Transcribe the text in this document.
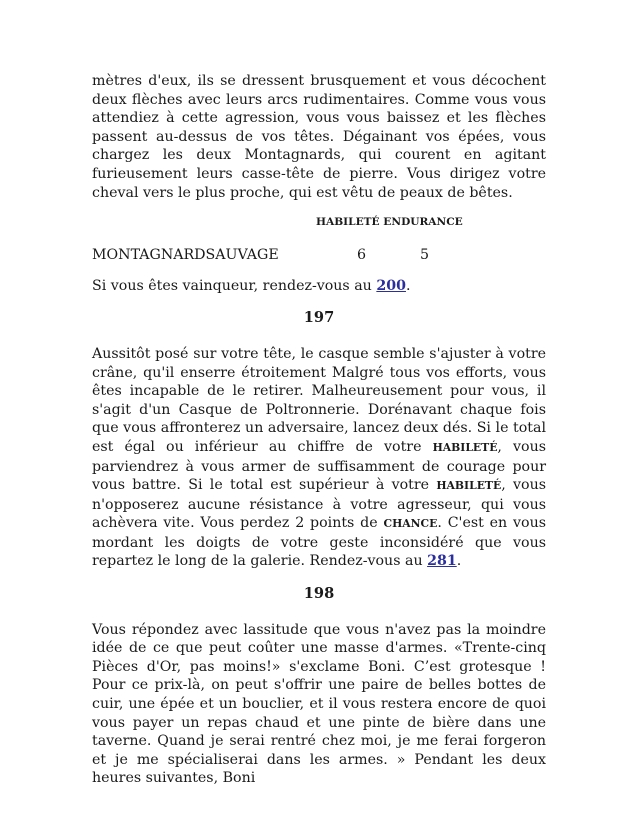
mètres d'eux, ils se dressent brusquement et vous décochent deux flèches avec leurs arcs rudimentaires. Comme vous vous attendiez à cette agression, vous vous baissez et les flèches passent au-dessus de vos têtes. Dégainant vos épées, vous chargez les deux Montagnards, qui courent en agitant furieusement leurs casse-tête de pierre. Vous dirigez votre cheval vers le plus proche, qui est vêtu de peaux de bêtes.

HABILETÉ ENDURANCE
MONTAGNARDSAUVAGE	6	5

Si vous êtes vainqueur, rendez-vous au 200.

197

Aussitôt posé sur votre tête, le casque semble s'ajuster à votre crâne, qu'il enserre étroitement Malgré tous vos efforts, vous êtes incapable de le retirer. Malheureusement pour vous, il s'agit d'un Casque de Poltronnerie. Dorénavant chaque fois que vous affronterez un adversaire, lancez deux dés. Si le total est égal ou inférieur au chiffre de votre HABILETÉ, vous parviendrez à vous armer de suffisamment de courage pour vous battre. Si le total est supérieur à votre HABILETÉ, vous n'opposerez aucune résistance à votre agresseur, qui vous achèvera vite. Vous perdez 2 points de CHANCE. C'est en vous mordant les doigts de votre geste inconsidéré que vous repartez le long de la galerie. Rendez-vous au 281.

198

Vous répondez avec lassitude que vous n'avez pas la moindre idée de ce que peut coûter une masse d'armes. «Trente-cinq Pièces d'Or, pas moins!» s'exclame Boni. C’est grotesque ! Pour ce prix-là, on peut s'offrir une paire de belles bottes de cuir, une épée et un bouclier, et il vous restera encore de quoi vous payer un repas chaud et une pinte de bière dans une taverne. Quand je serai rentré chez moi, je me ferai forgeron et je me spécialiserai dans les armes. » Pendant les deux heures suivantes, Boni
